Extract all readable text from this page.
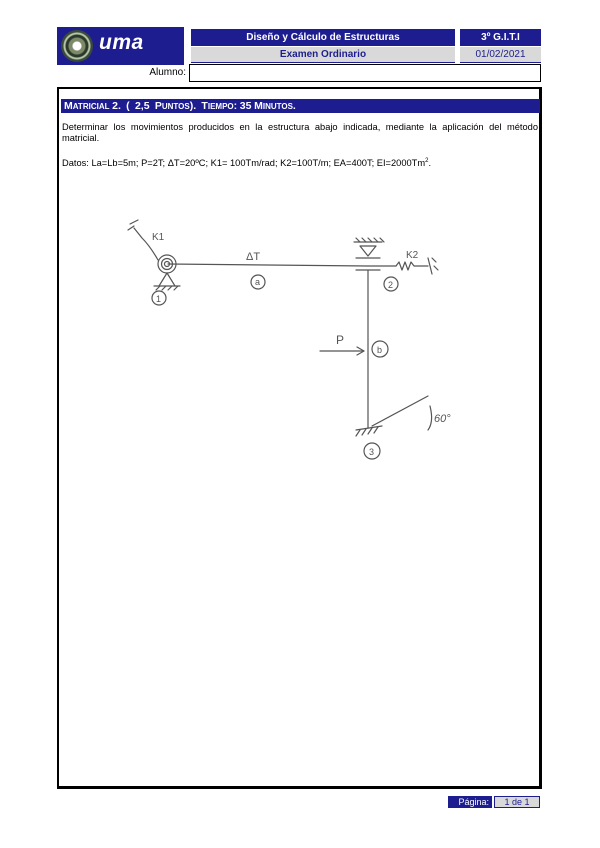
uma	Diseño y Cálculo de Estructuras	3º G.I.T.I
Examen Ordinario	01/02/2021
Alumno:
MATRICIAL 2. ( 2,5 PUNTOS). TIEMPO: 35 MINUTOS.
Determinar los movimientos producidos en la estructura abajo indicada, mediante la aplicación del método matricial.
Datos: La=Lb=5m; P=2T; ΔT=20ºC; K1= 100Tm/rad; K2=100T/m; EA=400T; $EI=2000Tm^2$.
K1
K2
ΔT
P
60°
1
a	2
b
3
Página:	1 de 1
